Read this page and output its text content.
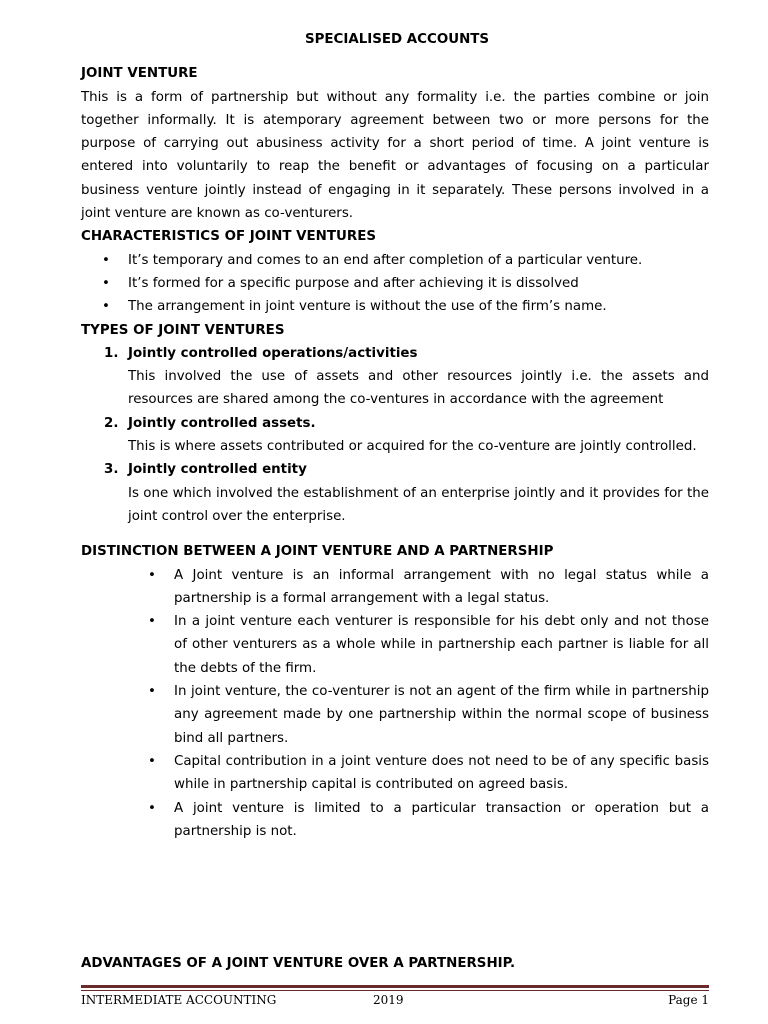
SPECIALISED ACCOUNTS
JOINT VENTURE

This is a form of partnership but without any formality i.e. the parties combine or join together informally. It is atemporary agreement between two or more persons for the purpose of carrying out abusiness activity for a short period of time. A joint venture is entered into voluntarily to reap the benefit or advantages of focusing on a particular business venture jointly instead of engaging in it separately. These persons involved in a joint venture are known as co-venturers.

CHARACTERISTICS OF JOINT VENTURES
• It’s temporary and comes to an end after completion of a particular venture.
• It’s formed for a specific purpose and after achieving it is dissolved
• The arrangement in joint venture is without the use of the firm’s name.
TYPES OF JOINT VENTURES
1. Jointly controlled operations/activities
This involved the use of assets and other resources jointly i.e. the assets and resources are shared among the co-ventures in accordance with the agreement
2. Jointly controlled assets.
This is where assets contributed or acquired for the co-venture are jointly controlled.
3. Jointly controlled entity
Is one which involved the establishment of an enterprise jointly and it provides for the joint control over the enterprise.
DISTINCTION BETWEEN A JOINT VENTURE AND A PARTNERSHIP
• A Joint venture is an informal arrangement with no legal status while a partnership is a formal arrangement with a legal status.
• In a joint venture each venturer is responsible for his debt only and not those of other venturers as a whole while in partnership each partner is liable for all the debts of the firm.
• In joint venture, the co-venturer is not an agent of the firm while in partnership any agreement made by one partnership within the normal scope of business bind all partners.
• Capital contribution in a joint venture does not need to be of any specific basis while in partnership capital is contributed on agreed basis.
• A joint venture is limited to a particular transaction or operation but a partnership is not.
ADVANTAGES OF A JOINT VENTURE OVER A PARTNERSHIP.
INTERMEDIATE ACCOUNTING	2019	Page 1
